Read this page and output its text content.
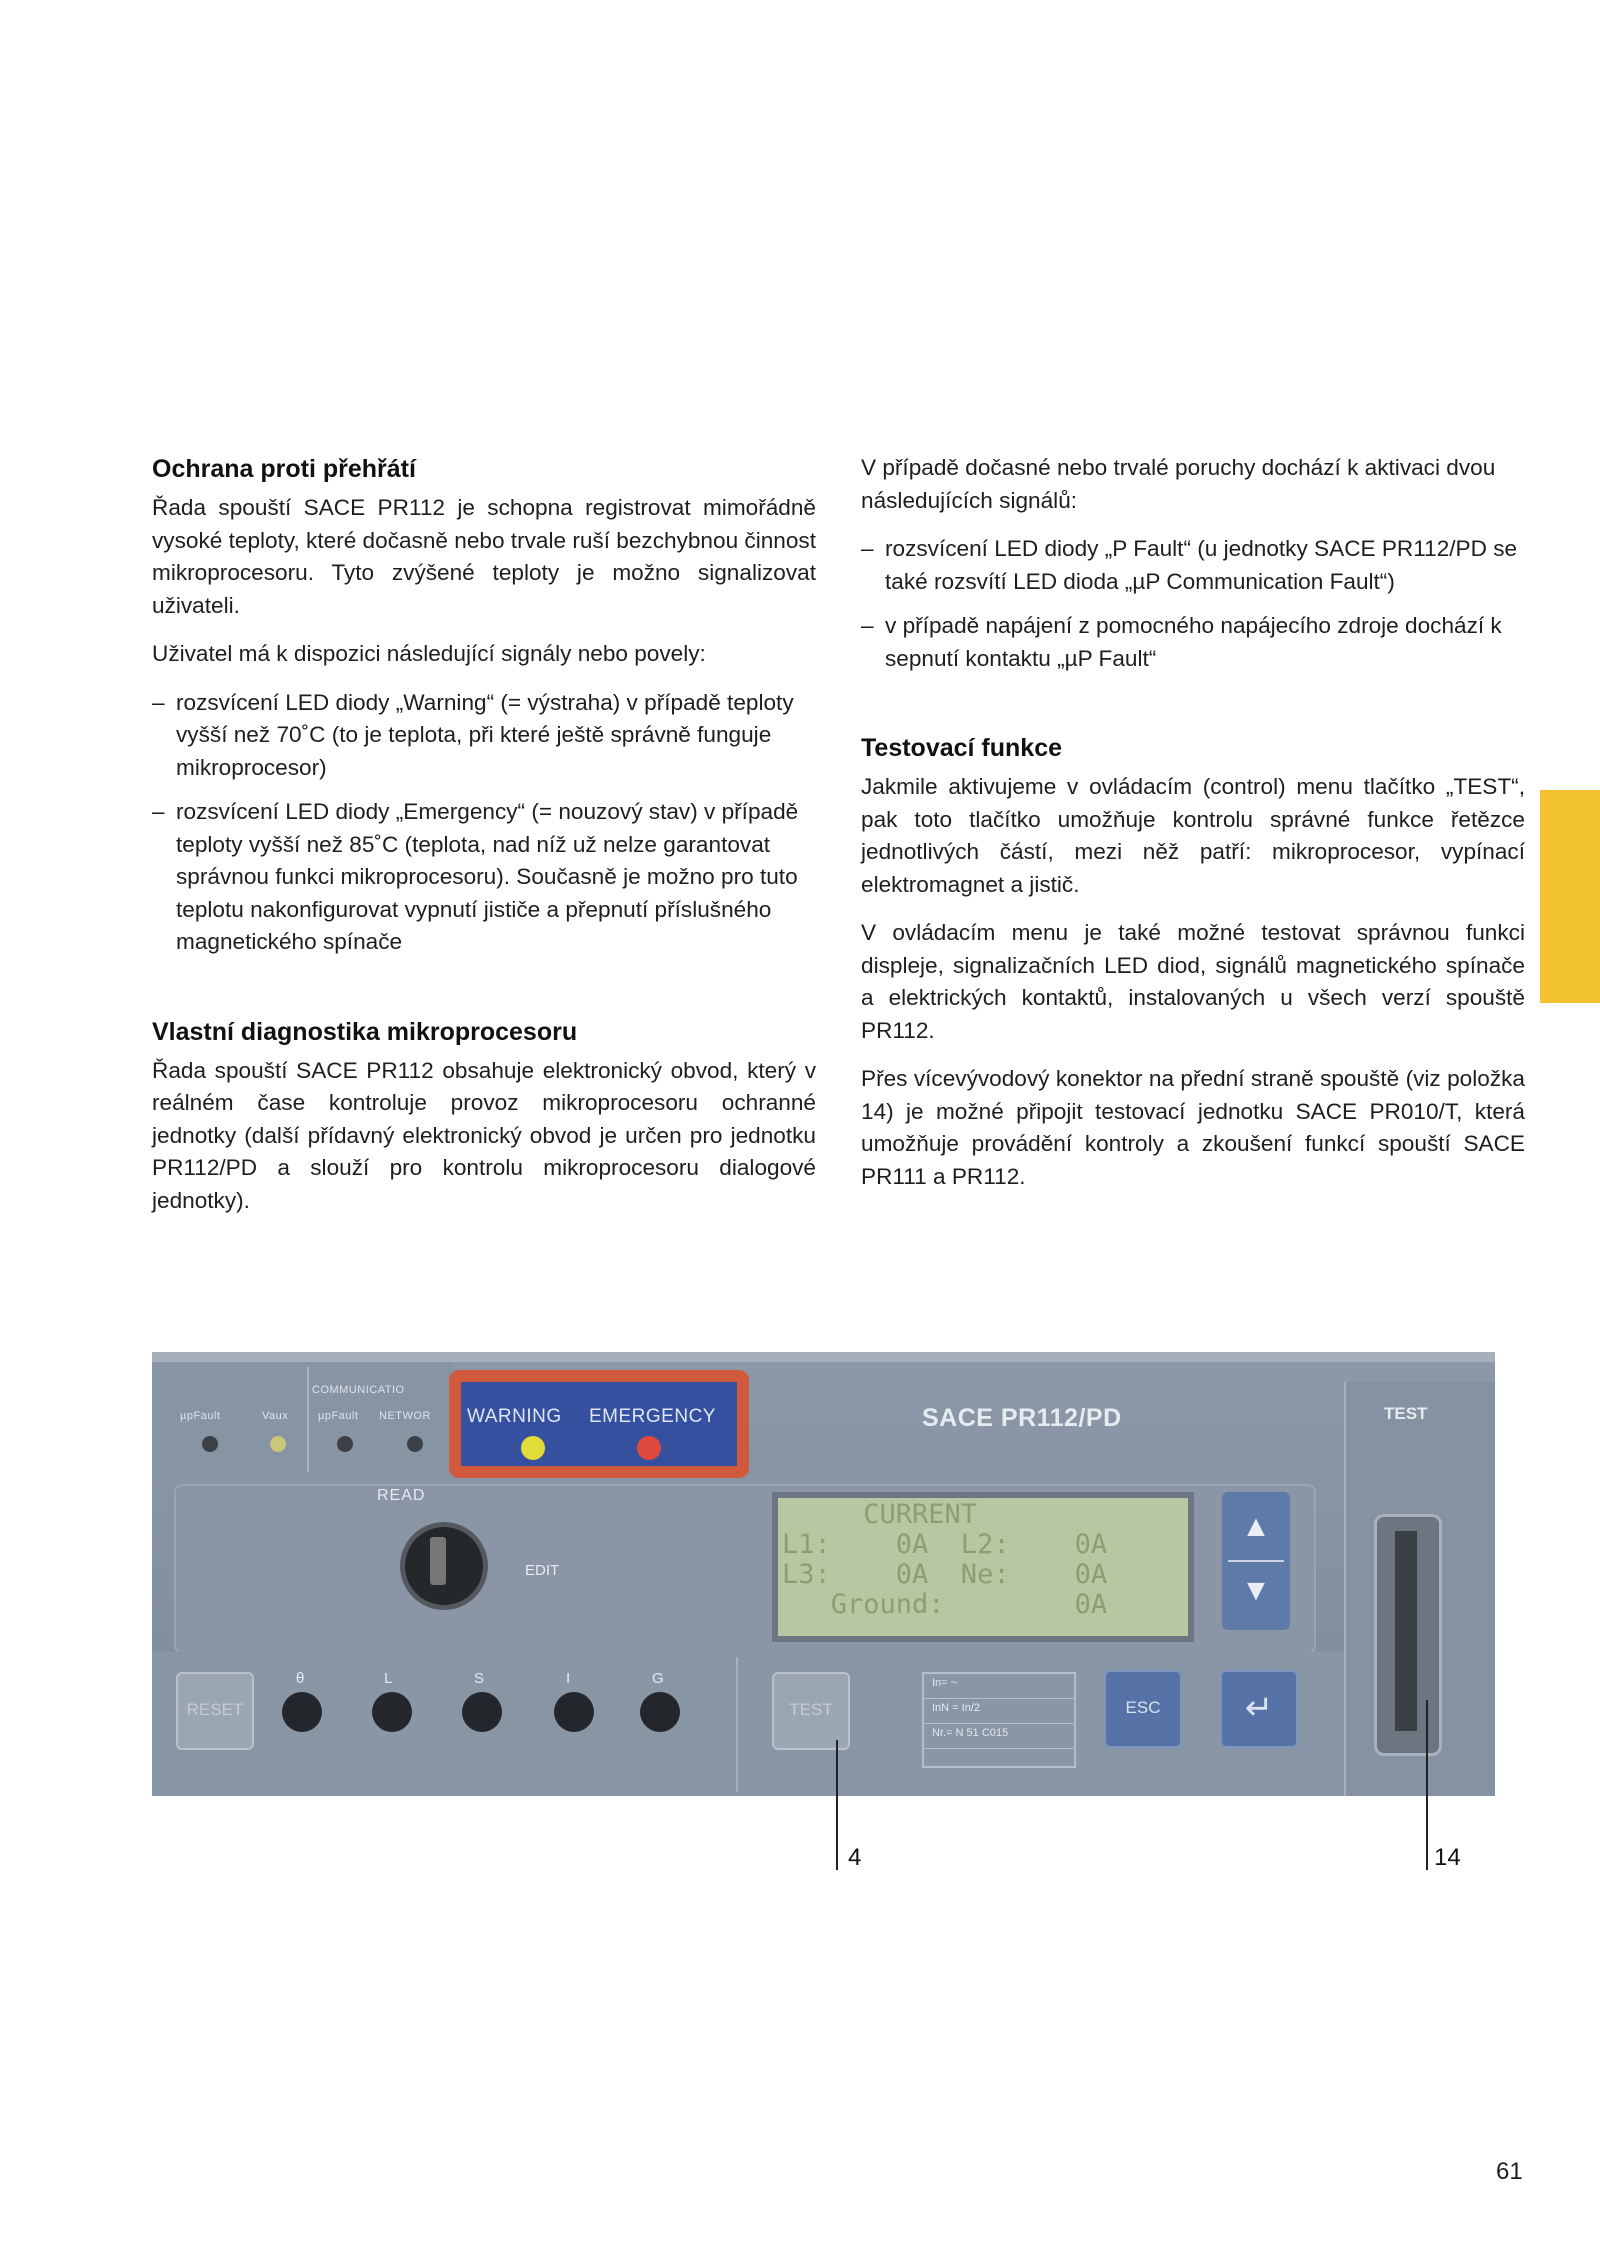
Ochrana proti přehřátí

Řada spouští SACE PR112 je schopna registrovat mimořádně vysoké teploty, které dočasně nebo trvale ruší bezchybnou činnost mikroprocesoru. Tyto zvýšené teploty je možno signalizovat uživateli.

Uživatel má k dispozici následující signály nebo povely:

– rozsvícení LED diody „Warning“ (= výstraha) v případě teploty vyšší než 70˚C (to je teplota, při které ještě správně funguje mikroprocesor)
– rozsvícení LED diody „Emergency“ (= nouzový stav) v případě teploty vyšší než 85˚C (teplota, nad níž už nelze garantovat správnou funkci mikroprocesoru). Současně je možno pro tuto teplotu nakonfigurovat vypnutí jističe a přepnutí příslušného magnetického spínače
Vlastní diagnostika mikroprocesoru

Řada spouští SACE PR112 obsahuje elektronický obvod, který v reálném čase kontroluje provoz mikroprocesoru ochranné jednotky (další přídavný elektronický obvod je určen pro jednotku PR112/PD a slouží pro kontrolu mikroprocesoru dialogové jednotky).

V případě dočasné nebo trvalé poruchy dochází k aktivaci dvou následujících signálů:

– rozsvícení LED diody „P Fault“ (u jednotky SACE PR112/PD se také rozsvítí LED dioda „µP Communication Fault“)
– v případě napájení z pomocného napájecího zdroje dochází k sepnutí kontaktu „µP Fault“
Testovací funkce

Jakmile aktivujeme v ovládacím (control) menu tlačítko „TEST“, pak toto tlačítko umožňuje kontrolu správné funkce řetězce jednotlivých částí, mezi něž patří: mikroprocesor, vypínací elektromagnet a jistič.

V ovládacím menu je také možné testovat správnou funkci displeje, signalizačních LED diod, signálů magnetického spínače a elektrických kontaktů, instalovaných u všech verzí spouště PR112.

Přes vícevývodový konektor na přední straně spouště (viz položka 14) je možné připojit testovací jednotku SACE PR010/T, která umožňuje provádění kontroly a zkoušení funkcí spouští SACE PR111 a PR112.

COMMUNICATIO
µpFault	Vaux	µpFault NETWOR WARNING EMERGENCY	SACE PR112/PD	TEST
READ
EDIT
CURRENT
L1:    0A  L2:    0A
L3:    0A  Ne:    0A
Ground:        0A
▲
▼
RESET
θ	L	S	I	G
TEST
In= ~
InN = In/2
Nr.= N 51 C015
ESC	↵
4	14
61
